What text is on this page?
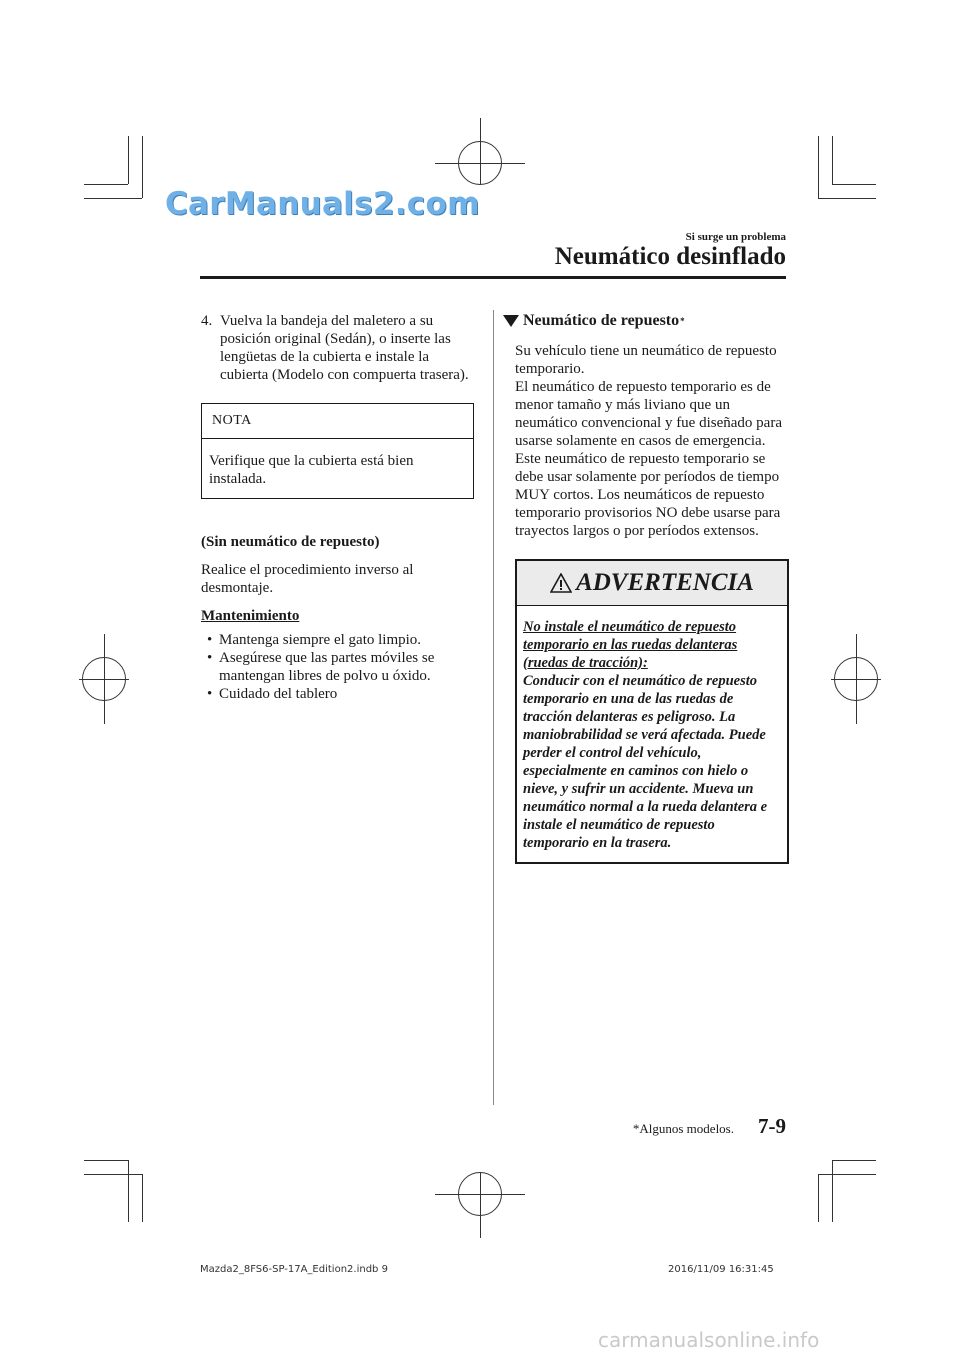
CarManuals2.com
Si surge un problema
Neumático desinflado
4. Vuelva la bandeja del maletero a su posición original (Sedán), o inserte las lengüetas de la cubierta e instale la cubierta (Modelo con compuerta trasera).
NOTA
Verifique que la cubierta está bien instalada.

(Sin neumático de repuesto)

Realice el procedimiento inverso al desmontaje.

Mantenimiento

• Mantenga siempre el gato limpio.
• Asegúrese que las partes móviles se mantengan libres de polvo u óxido.
• Cuidado del tablero
Neumático de repuesto *

Su vehículo tiene un neumático de repuesto temporario.
El neumático de repuesto temporario es de menor tamaño y más liviano que un neumático convencional y fue diseñado para usarse solamente en casos de emergencia. Este neumático de repuesto temporario se debe usar solamente por períodos de tiempo MUY cortos. Los neumáticos de repuesto temporario provisorios NO debe usarse para trayectos largos o por períodos extensos.

ADVERTENCIA
No instale el neumático de repuesto temporario en las ruedas delanteras (ruedas de tracción):
Conducir con el neumático de repuesto temporario en una de las ruedas de tracción delanteras es peligroso. La maniobrabilidad se verá afectada. Puede perder el control del vehículo, especialmente en caminos con hielo o nieve, y sufrir un accidente. Mueva un neumático normal a la rueda delantera e instale el neumático de repuesto temporario en la trasera.
*Algunos modelos. 7-9
Mazda2_8FS6-SP-17A_Edition2.indb 9	2016/11/09 16:31:45
carmanualsonline.info
